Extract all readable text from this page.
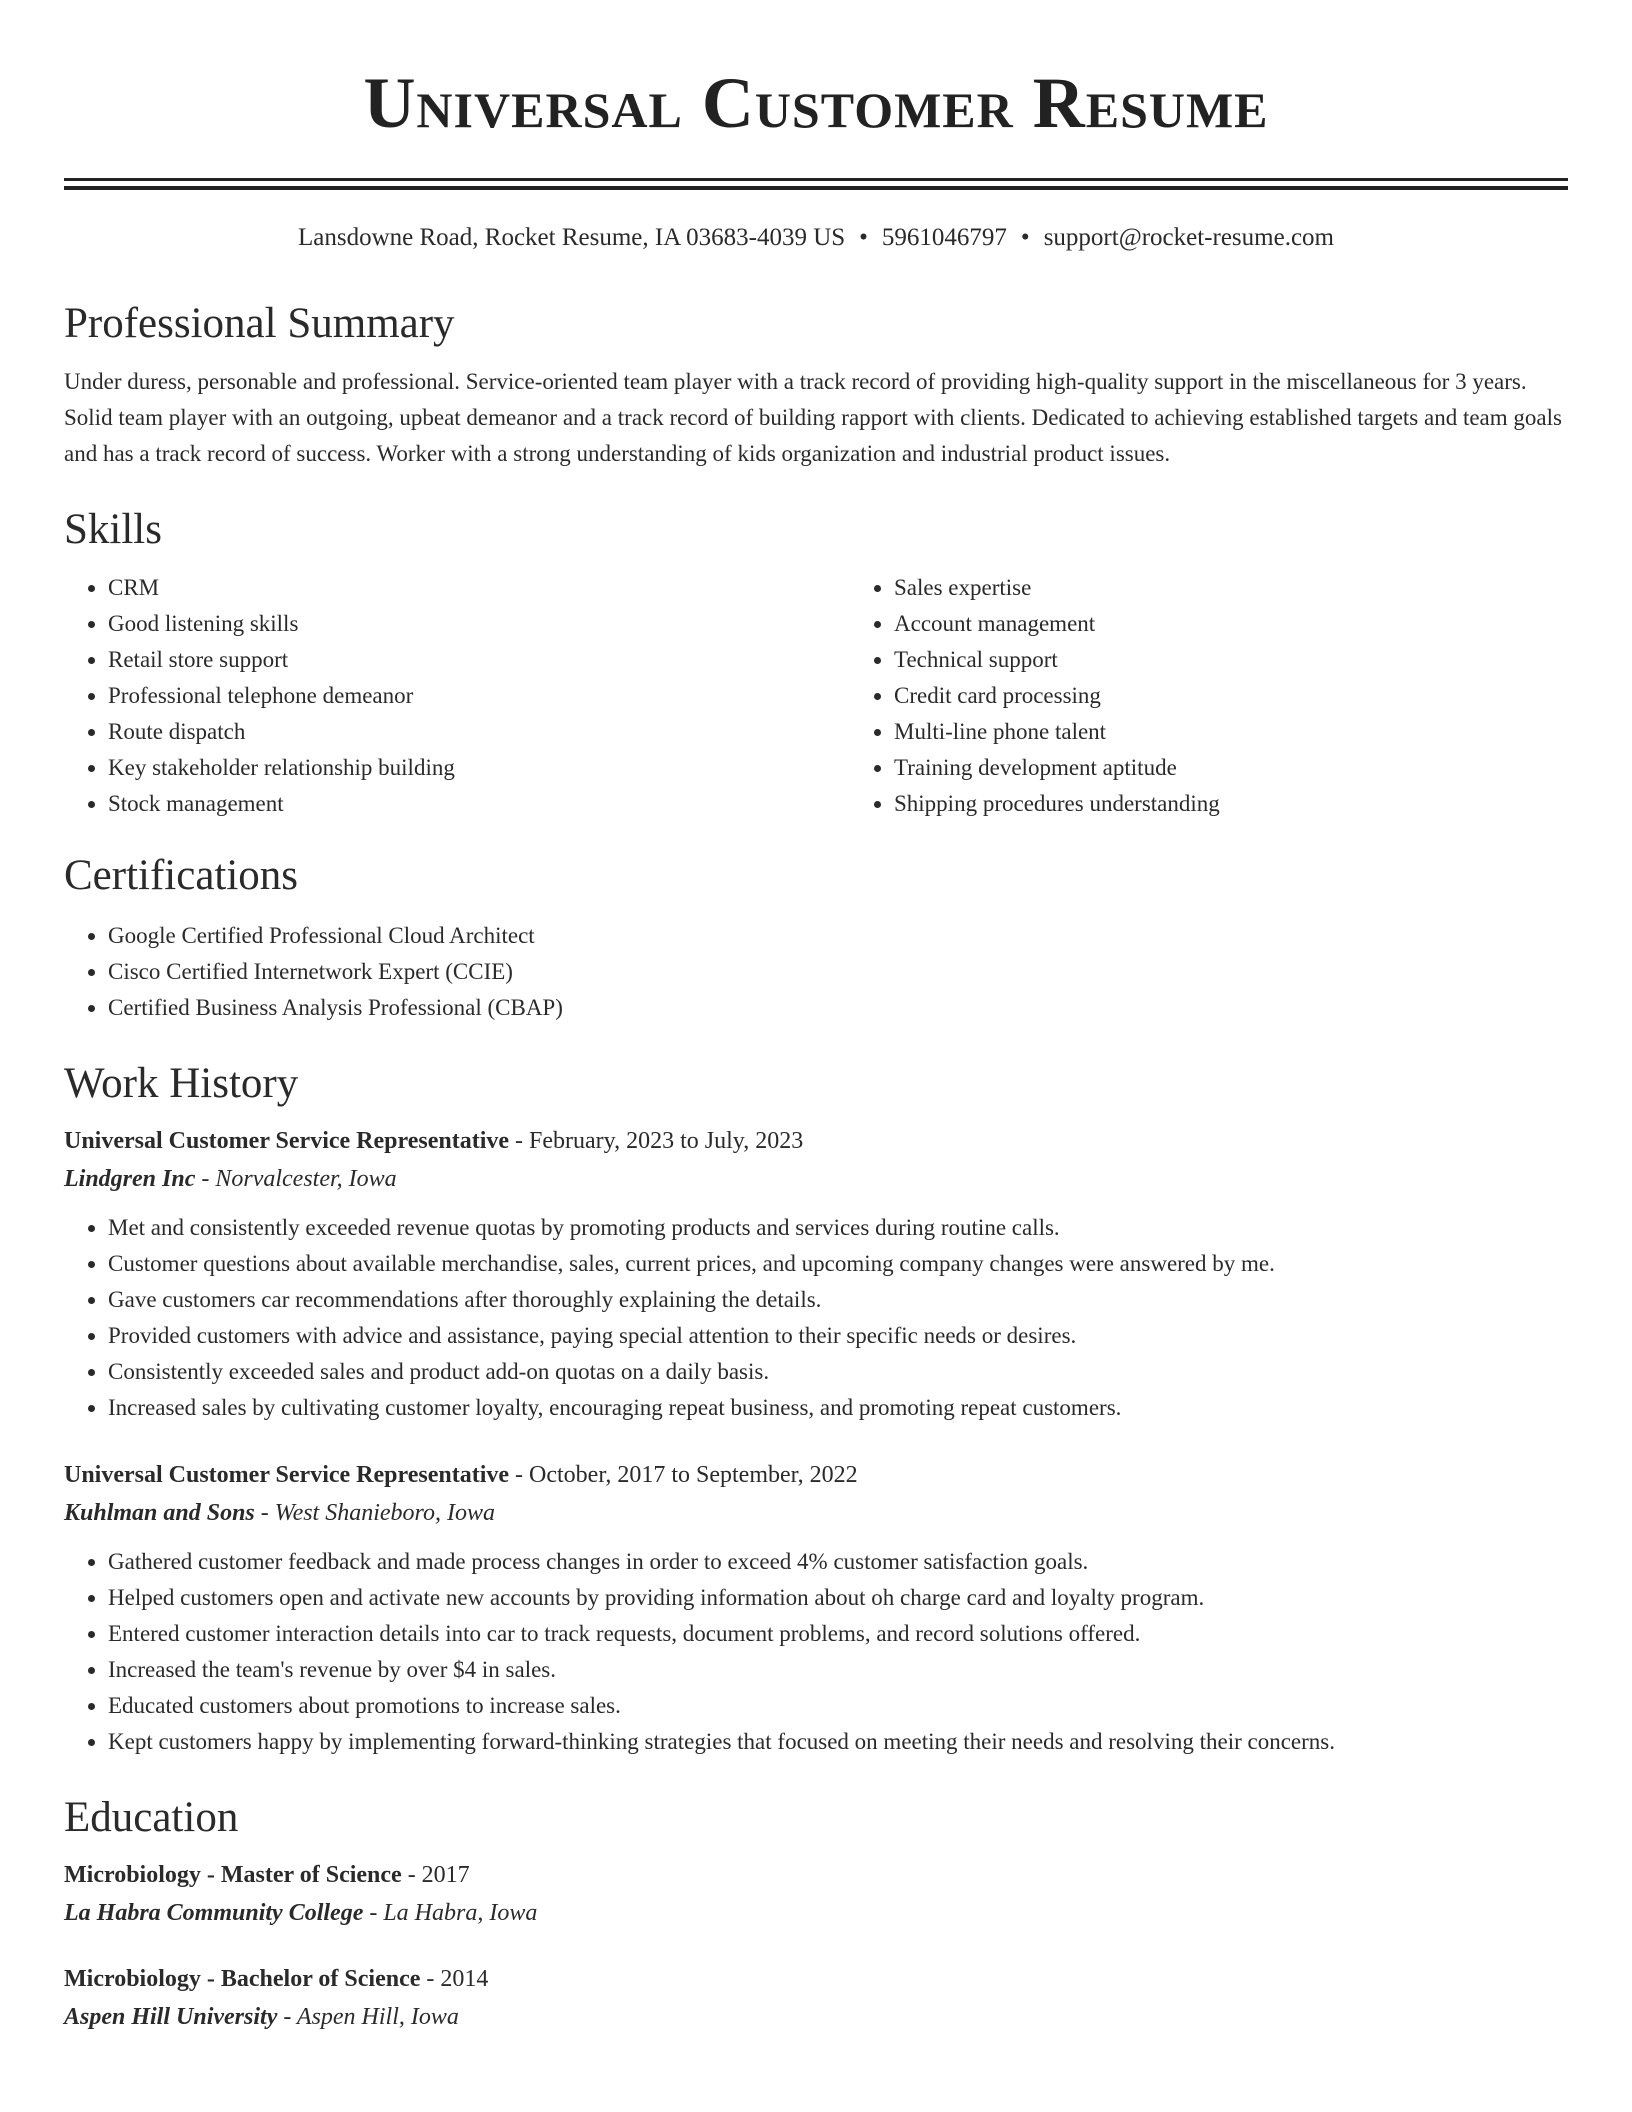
Universal Customer Resume
Lansdowne Road, Rocket Resume, IA 03683-4039 US • 5961046797 • support@rocket-resume.com
Professional Summary

Under duress, personable and professional. Service-oriented team player with a track record of providing high-quality support in the miscellaneous for 3 years. Solid team player with an outgoing, upbeat demeanor and a track record of building rapport with clients. Dedicated to achieving established targets and team goals and has a track record of success. Worker with a strong understanding of kids organization and industrial product issues.

Skills
• CRM
• Good listening skills
• Retail store support
• Professional telephone demeanor
• Route dispatch
• Key stakeholder relationship building
• Stock management
• Sales expertise
• Account management
• Technical support
• Credit card processing
• Multi-line phone talent
• Training development aptitude
• Shipping procedures understanding
Certifications
• Google Certified Professional Cloud Architect
• Cisco Certified Internetwork Expert (CCIE)
• Certified Business Analysis Professional (CBAP)
Work History
Universal Customer Service Representative - February, 2023 to July, 2023
Lindgren Inc - Norvalcester, Iowa
• Met and consistently exceeded revenue quotas by promoting products and services during routine calls.
• Customer questions about available merchandise, sales, current prices, and upcoming company changes were answered by me.
• Gave customers car recommendations after thoroughly explaining the details.
• Provided customers with advice and assistance, paying special attention to their specific needs or desires.
• Consistently exceeded sales and product add-on quotas on a daily basis.
• Increased sales by cultivating customer loyalty, encouraging repeat business, and promoting repeat customers.
Universal Customer Service Representative - October, 2017 to September, 2022
Kuhlman and Sons - West Shanieboro, Iowa
• Gathered customer feedback and made process changes in order to exceed 4% customer satisfaction goals.
• Helped customers open and activate new accounts by providing information about oh charge card and loyalty program.
• Entered customer interaction details into car to track requests, document problems, and record solutions offered.
• Increased the team's revenue by over $4 in sales.
• Educated customers about promotions to increase sales.
• Kept customers happy by implementing forward-thinking strategies that focused on meeting their needs and resolving their concerns.
Education
Microbiology - Master of Science - 2017
La Habra Community College - La Habra, Iowa
Microbiology - Bachelor of Science - 2014
Aspen Hill University - Aspen Hill, Iowa
